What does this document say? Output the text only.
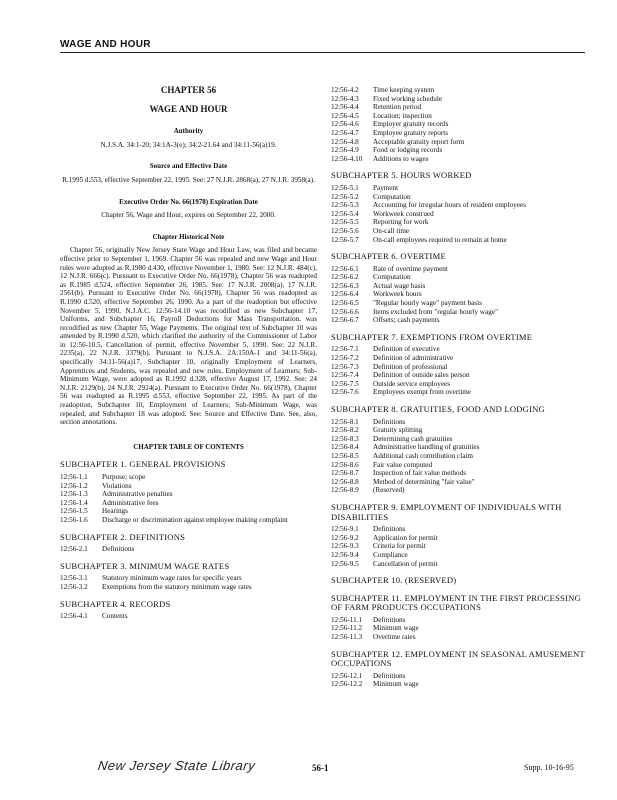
WAGE AND HOUR
CHAPTER 56
WAGE AND HOUR
Authority
N.J.S.A. 34:1-20; 34:1A-3(e); 34:2-21.64 and 34:11-56(a)19.
Source and Effective Date
R.1995 d.553, effective September 22, 1995. See: 27 N.J.R. 2868(a), 27 N.J.R. 3958(a).
Executive Order No. 66(1978) Expiration Date
Chapter 56, Wage and Hour, expires on September 22, 2000.
Chapter Historical Note
Chapter 56, originally New Jersey State Wage and Hour Law, was filed and became effective prior to September 1, 1969. Chapter 56 was repealed and new Wage and Hour rules were adopted as R.1980 d.430, effective November 1, 1980. See: 12 N.J.R. 484(c), 12 N.J.R. 666(c). Pursuant to Executive Order No. 66(1978), Chapter 56 was readopted as R.1985 d.524, effective September 26, 1985. See: 17 N.J.R. 2008(a), 17 N.J.R. 2561(b). Pursuant to Executive Order No. 66(1978), Chapter 56 was readopted as R.1990 d.520, effective September 26, 1990. As a part of the readoption but effective November 5, 1990, N.J.A.C. 12:56-14.10 was recodified as new Subchapter 17, Uniforms, and Subchapter 16, Payroll Deductions for Mass Transportation, was recodified as new Chapter 55, Wage Payments. The original text of Subchapter 10 was amended by R.1990 d.520, which clarified the authority of the Commissioner of Labor in 12:56-10.5, Cancellation of permit, effective November 5, 1990. See: 22 N.J.R. 2235(a), 22 N.J.R. 3379(b). Pursuant to N.J.S.A. 2A:150A-1 and 34:11-56(a), specifically 34:11-56(a)17, Subchapter 10, originally Employment of Learners, Apprentices and Students, was repealed and new rules, Employment of Learners; Sub-Minimum Wage, were adopted as R.1992 d.328, effective August 17, 1992. See: 24 N.J.R. 2129(b), 24 N.J.R. 2924(a). Pursuant to Executive Order No. 66(1978), Chapter 56 was readopted as R.1995 d.553, effective September 22, 1995. As part of the readoption, Subchapter 10, Employment of Learners; Sub-Minimum Wage, was repealed, and Subchapter 18 was adopted. See: Source and Effective Date. See, also, section annotations.
CHAPTER TABLE OF CONTENTS
SUBCHAPTER 1. GENERAL PROVISIONS
12:56-1.1	Purpose; scope
12:56-1.2	Violations
12:56-1.3	Administrative penalties
12:56-1.4	Administrative fees
12:56-1.5	Hearings
12:56-1.6	Discharge or discrimination against employee making complaint
SUBCHAPTER 2. DEFINITIONS
12:56-2.1	Definitions
SUBCHAPTER 3. MINIMUM WAGE RATES
12:56-3.1	Statutory minimum wage rates for specific years
12:56-3.2	Exemptions from the statutory minimum wage rates
SUBCHAPTER 4. RECORDS
12:56-4.1	Contents
12:56-4.2	Time keeping system
12:56-4.3	Fixed working schedule
12:56-4.4	Retention period
12:56-4.5	Location; inspection
12:56-4.6	Employer gratuity records
12:56-4.7	Employee gratuity reports
12:56-4.8	Acceptable gratuity report form
12:56-4.9	Food or lodging records
12:56-4.10	Additions to wages
SUBCHAPTER 5. HOURS WORKED
12:56-5.1	Payment
12:56-5.2	Computation
12:56-5.3	Accounting for irregular hours of resident employees
12:56-5.4	Workweek construed
12:56-5.5	Reporting for work
12:56-5.6	On-call time
12:56-5.7	On-call employees required to remain at home
SUBCHAPTER 6. OVERTIME
12:56-6.1	Rate of overtime payment
12:56-6.2	Computation
12:56-6.3	Actual wage basis
12:56-6.4	Workweek hours
12:56-6.5	"Regular hourly wage" payment basis
12:56-6.6	Items excluded from "regular hourly wage"
12:56-6.7	Offsets; cash payments
SUBCHAPTER 7. EXEMPTIONS FROM OVERTIME
12:56-7.1	Definition of executive
12:56-7.2	Definition of administrative
12:56-7.3	Definition of professional
12:56-7.4	Definition of outside sales person
12:56-7.5	Outside service employees
12:56-7.6	Employees exempt from overtime
SUBCHAPTER 8. GRATUITIES, FOOD AND LODGING
12:56-8.1	Definitions
12:56-8.2	Gratuity splitting
12:56-8.3	Determining cash gratuities
12:56-8.4	Administrative handling of gratuities
12:56-8.5	Additional cash contribution claim
12:56-8.6	Fair value computed
12:56-8.7	Inspection of fair value methods
12:56-8.8	Method of determining "fair value"
12:56-8.9	(Reserved)
SUBCHAPTER 9. EMPLOYMENT OF INDIVIDUALS WITH DISABILITIES
12:56-9.1	Definitions
12:56-9.2	Application for permit
12:56-9.3	Criteria for permit
12:56-9.4	Compliance
12:56-9.5	Cancellation of permit
SUBCHAPTER 10. (RESERVED)
SUBCHAPTER 11. EMPLOYMENT IN THE FIRST PROCESSING OF FARM PRODUCTS OCCUPATIONS
12:56-11.1	Definitions
12:56-11.2	Minimum wage
12:56-11.3	Overtime rates
SUBCHAPTER 12. EMPLOYMENT IN SEASONAL AMUSEMENT OCCUPATIONS
12:56-12.1	Definitions
12:56-12.2	Minimum wage
New Jersey State Library	56-1	Supp. 10-16-95
